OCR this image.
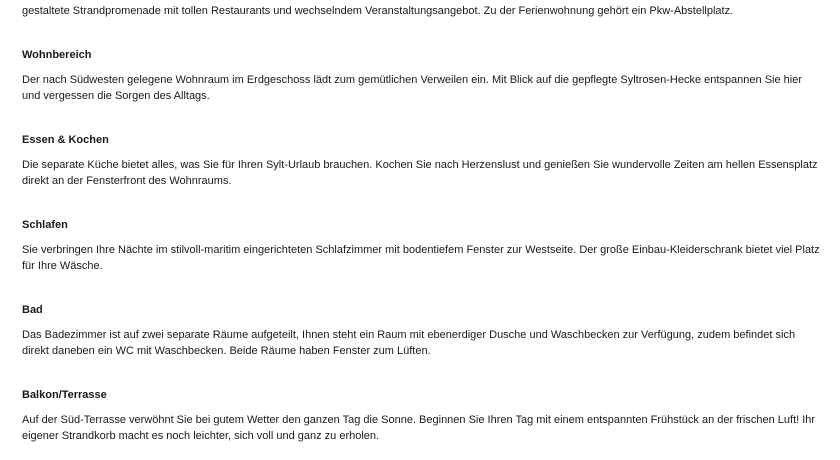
gestaltete Strandpromenade mit tollen Restaurants und wechselndem Veranstaltungsangebot. Zu der Ferienwohnung gehört ein Pkw-Abstellplatz.
Wohnbereich

Der nach Südwesten gelegene Wohnraum im Erdgeschoss lädt zum gemütlichen Verweilen ein. Mit Blick auf die gepflegte Syltrosen-Hecke entspannen Sie hier und vergessen die Sorgen des Alltags.

Essen & Kochen

Die separate Küche bietet alles, was Sie für Ihren Sylt-Urlaub brauchen. Kochen Sie nach Herzenslust und genießen Sie wundervolle Zeiten am hellen Essensplatz direkt an der Fensterfront des Wohnraums.

Schlafen

Sie verbringen Ihre Nächte im stilvoll-maritim eingerichteten Schlafzimmer mit bodentiefem Fenster zur Westseite. Der große Einbau-Kleiderschrank bietet viel Platz für Ihre Wäsche.

Bad

Das Badezimmer ist auf zwei separate Räume aufgeteilt, Ihnen steht ein Raum mit ebenerdiger Dusche und Waschbecken zur Verfügung, zudem befindet sich direkt daneben ein WC mit Waschbecken. Beide Räume haben Fenster zum Lüften.

Balkon/Terrasse

Auf der Süd-Terrasse verwöhnt Sie bei gutem Wetter den ganzen Tag die Sonne. Beginnen Sie Ihren Tag mit einem entspannten Frühstück an der frischen Luft! Ihr eigener Strandkorb macht es noch leichter, sich voll und ganz zu erholen.
